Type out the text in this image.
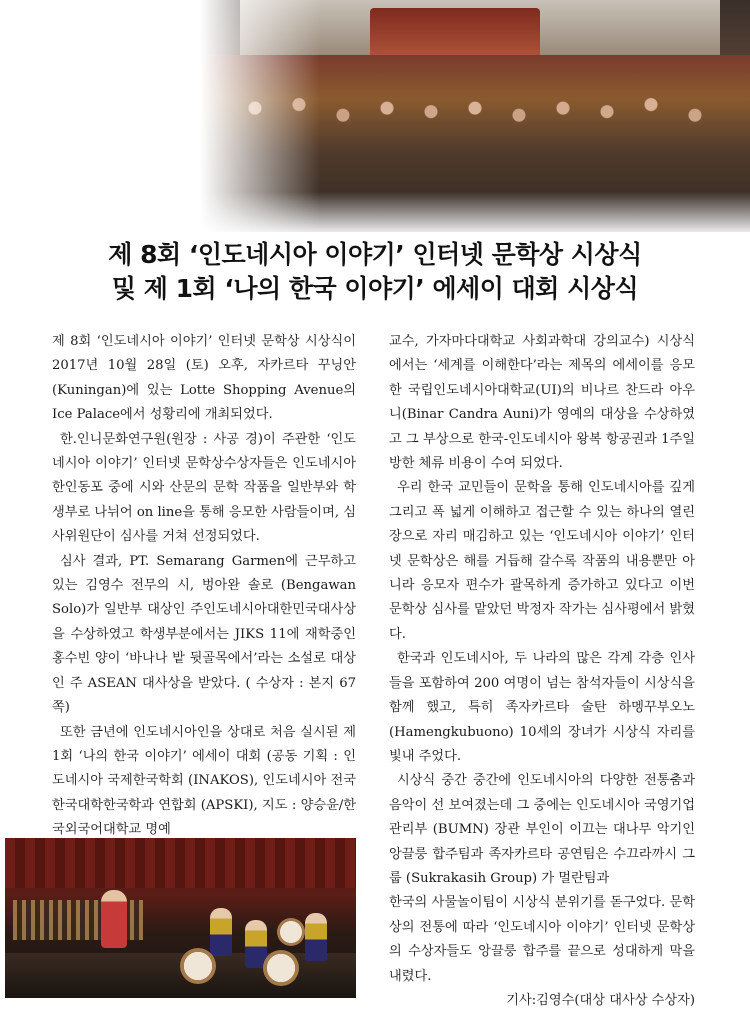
제 8회 ‘인도네시아 이야기’ 인터넷 문학상 시상식
및 제 1회 ‘나의 한국 이야기’ 에세이 대회 시상식

제 8회 ‘인도네시아 이야기’ 인터넷 문학상 시상식이 2017년 10월 28일 (토) 오후, 자카르타 꾸닝안(Kuningan)에 있는 Lotte Shopping Avenue의 Ice Palace에서 성황리에 개최되었다.

한.인니문화연구원(원장 : 사공 경)이 주관한 ‘인도네시아 이야기’ 인터넷 문학상수상자들은 인도네시아 한인동포 중에 시와 산문의 문학 작품을 일반부와 학생부로 나뉘어 on line을 통해 응모한 사람들이며, 심사위원단이 심사를 거쳐 선정되었다.

심사 결과, PT. Semarang Garmen에 근무하고 있는 김영수 전무의 시, 벙아완 솔로 (Bengawan Solo)가 일반부 대상인 주인도네시아대한민국대사상을 수상하였고 학생부분에서는 JIKS 11에 재학중인 홍수빈 양이 ‘바나나 밭 뒷골목에서’라는 소설로 대상인 주 ASEAN 대사상을 받았다. ( 수상자 : 본지 67쪽)

또한 금년에 인도네시아인을 상대로 처음 실시된 제 1회 ‘나의 한국 이야기’ 에세이 대회 (공동 기획 : 인도네시아 국제한국학회 (INAKOS), 인도네시아 전국한국대학한국학과 연합회 (APSKI), 지도 : 양승윤/한국외국어대학교 명예

교수, 가자마다대학교 사회과학대 강의교수) 시상식에서는 ‘세계를 이해한다’라는 제목의 에세이를 응모한 국립인도네시아대학교(UI)의 비나르 찬드라 아우니(Binar Candra Auni)가 영예의 대상을 수상하였고 그 부상으로 한국-인도네시아 왕복 항공권과 1주일 방한 체류 비용이 수여 되었다.

우리 한국 교민들이 문학을 통해 인도네시아를 깊게 그리고 폭 넓게 이해하고 접근할 수 있는 하나의 열린 장으로 자리 매김하고 있는 ‘인도네시아 이야기’ 인터넷 문학상은 해를 거듭해 갈수록 작품의 내용뿐만 아니라 응모자 편수가 괄목하게 증가하고 있다고 이번 문학상 심사를 맡았던 박정자 작가는 심사평에서 밝혔다.

한국과 인도네시아, 두 나라의 많은 각계 각층 인사들을 포함하여 200 여명이 넘는 참석자들이 시상식을 함께 했고, 특히 족자카르타 술탄 하멩꾸부오노(Hamengkubuono) 10세의 장녀가 시상식 자리를 빛내 주었다.

시상식 중간 중간에 인도네시아의 다양한 전통춤과 음악이 선 보여졌는데 그 중에는 인도네시아 국영기업관리부 (BUMN) 장관 부인이 이끄는 대나무 악기인 앙끌룽 합주팀과 족자카르타 공연팀은 수끄라까시 그룹 (Sukrakasih Group) 가 멀란팀과

한국의 사물놀이팀이 시상식 분위기를 돋구었다. 문학상의 전통에 따라 ‘인도네시아 이야기’ 인터넷 문학상의 수상자들도 앙끌룽 합주를 끝으로 성대하게 막을 내렸다.

기사:김영수(대상 대사상 수상자)
